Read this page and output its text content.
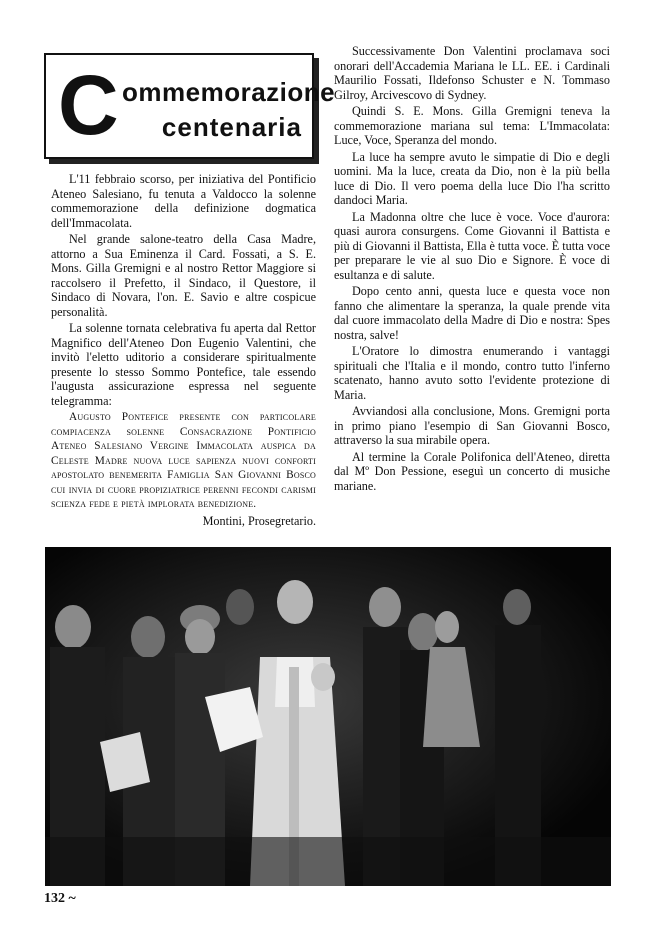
C ommemorazione
centenaria

L'11 febbraio scorso, per iniziativa del Pontificio Ateneo Salesiano, fu tenuta a Valdocco la solenne commemorazione della definizione dogmatica dell'Immacolata.

Nel grande salone-teatro della Casa Madre, attorno a Sua Eminenza il Card. Fossati, a S. E. Mons. Gilla Gremigni e al nostro Rettor Maggiore si raccolsero il Prefetto, il Sindaco, il Questore, il Sindaco di Novara, l'on. E. Savio e altre cospicue personalità.

La solenne tornata celebrativa fu aperta dal Rettor Magnifico dell'Ateneo Don Eugenio Valentini, che invitò l'eletto uditorio a considerare spiritualmente presente lo stesso Sommo Pontefice, tale essendo l'augusta assicurazione espressa nel seguente telegramma:

Augusto Pontefice presente con particolare compiacenza solenne Consacrazione Pontificio Ateneo Salesiano Vergine Immacolata auspica da Celeste Madre nuova luce sapienza nuovi conforti apostolato benemerita Famiglia San Giovanni Bosco cui invia di cuore propiziatrice perenni fecondi carismi scienza fede e pietà implorata benedizione.
Montini, Prosegretario.

Successivamente Don Valentini proclamava soci onorari dell'Accademia Mariana le LL. EE. i Cardinali Maurilio Fossati, Ildefonso Schuster e N. Tommaso Gilroy, Arcivescovo di Sydney.

Quindi S. E. Mons. Gilla Gremigni teneva la commemorazione mariana sul tema: L'Immacolata: Luce, Voce, Speranza del mondo.

La luce ha sempre avuto le simpatie di Dio e degli uomini. Ma la luce, creata da Dio, non è la più bella luce di Dio. Il vero poema della luce Dio l'ha scritto dandoci Maria.

La Madonna oltre che luce è voce. Voce d'aurora: quasi aurora consurgens. Come Giovanni il Battista e più di Giovanni il Battista, Ella è tutta voce. È tutta voce per preparare le vie al suo Dio e Signore. È voce di esultanza e di salute.

Dopo cento anni, questa luce e questa voce non fanno che alimentare la speranza, la quale prende vita dal cuore immacolato della Madre di Dio e nostra: Spes nostra, salve!

L'Oratore lo dimostra enumerando i vantaggi spirituali che l'Italia e il mondo, contro tutto l'inferno scatenato, hanno avuto sotto l'evidente protezione di Maria.

Avviandosi alla conclusione, Mons. Gremigni porta in primo piano l'esempio di San Giovanni Bosco, attraverso la sua mirabile opera.

Al termine la Corale Polifonica dell'Ateneo, diretta dal Mº Don Pessione, eseguì un concerto di musiche mariane.

132 ~
